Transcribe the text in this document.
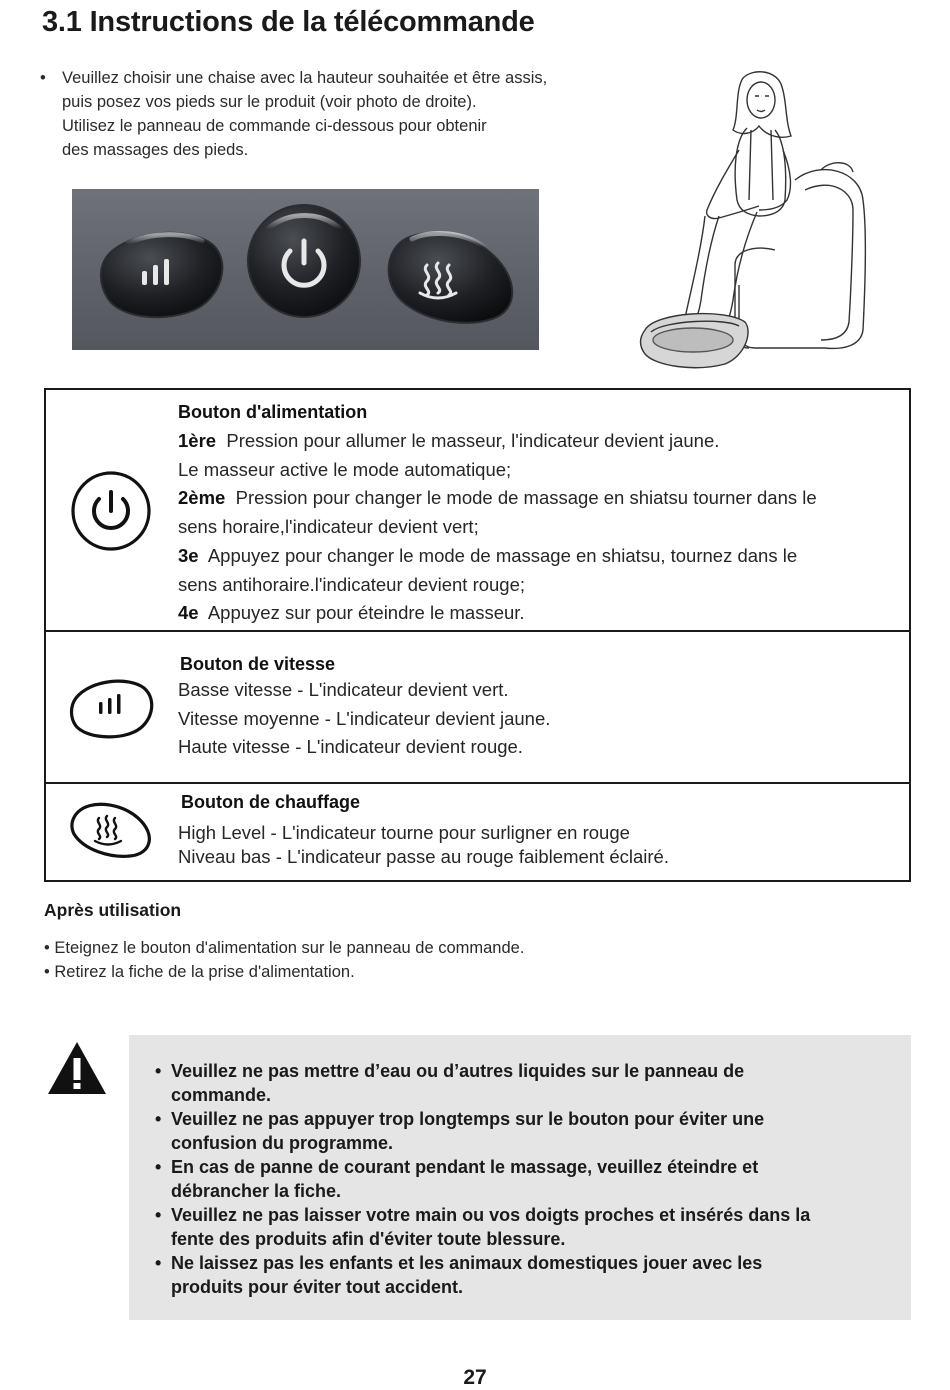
3.1 Instructions de la télécommande
• Veuillez choisir une chaise avec la hauteur souhaitée et être assis,
puis posez vos pieds sur le produit (voir photo de droite).
Utilisez le panneau de commande ci-dessous pour obtenir
des massages des pieds.
Bouton d'alimentation
1ère Pression pour allumer le masseur, l'indicateur devient jaune.
Le masseur active le mode automatique;
2ème Pression pour changer le mode de massage en shiatsu tourner dans le
sens horaire,l'indicateur devient vert;
3e Appuyez pour changer le mode de massage en shiatsu, tournez dans le
sens antihoraire.l'indicateur devient rouge;
4e Appuyez sur pour éteindre le masseur.
Bouton de vitesse
Basse vitesse - L'indicateur devient vert.
Vitesse moyenne - L'indicateur devient jaune.
Haute vitesse - L'indicateur devient rouge.
Bouton de chauffage
High Level - L'indicateur tourne pour surligner en rouge
Niveau bas - L'indicateur passe au rouge faiblement éclairé.
Après utilisation
• Eteignez le bouton d'alimentation sur le panneau de commande.
• Retirez la fiche de la prise d'alimentation.
• Veuillez ne pas mettre d’eau ou d’autres liquides sur le panneau de
commande.
• Veuillez ne pas appuyer trop longtemps sur le bouton pour éviter une
confusion du programme.
• En cas de panne de courant pendant le massage, veuillez éteindre et
débrancher la fiche.
• Veuillez ne pas laisser votre main ou vos doigts proches et insérés dans la
fente des produits afin d'éviter toute blessure.
• Ne laissez pas les enfants et les animaux domestiques jouer avec les
produits pour éviter tout accident.
27
